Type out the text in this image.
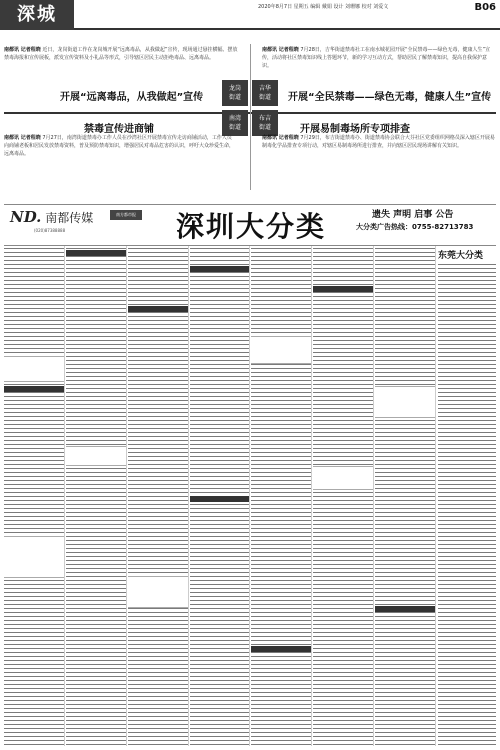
深城	2020年8月7日 星期五 编辑 戴娟 设计 刘珊娜 校对 刘爱文	B06
南都讯 记者程晓 近日，龙岗街道工作在龙岗城开展“远离毒品，从我做起”宣传，现场通过悬挂横幅、摆放禁毒海报和宣传展板，派发宣传资料及小礼品等形式，引导辖区居民主动拒绝毒品、远离毒品。
开展“远离毒品，从我做起”宣传
南都讯 记者程晓 7月28日，吉华街道禁毒社工在南水城花园开展“全民禁毒——绿色无毒，健康人生”宣传，活动将社区禁毒知识线上答题环节，新的学习互动方式，帮助居民了解禁毒知识，提高自我保护意识。
开展“全民禁毒——绿色无毒，健康人生”宣传
龙岗
街道
吉华
街道
南湾
街道
布吉
街道
禁毒宣传进商铺
南都讯 记者程晓 7月27日，南湾街道禁毒办工作人员在沙湾社区开展禁毒宣传走访商铺活动，工作人员向商铺老板和居民发放禁毒资料，普及预防禁毒知识，增强居民对毒品危害的认识，呼吁大众珍爱生命，远离毒品。
开展易制毒场所专项排查
南都讯 记者程晓 7月29日，布吉街道禁毒办、街道禁毒协会联合大芬社区党委组织网格员深入辖区开展易制毒化学品排查专项行动，对辖区易制毒场所进行排查，并向辖区居民现场讲解有关知识。
ND. 南都传媒	南方都市报
(020)87388888	深圳大分类	遗失 声明 启事 公告
大分类广告热线：0755-82713783
东莞大分类
